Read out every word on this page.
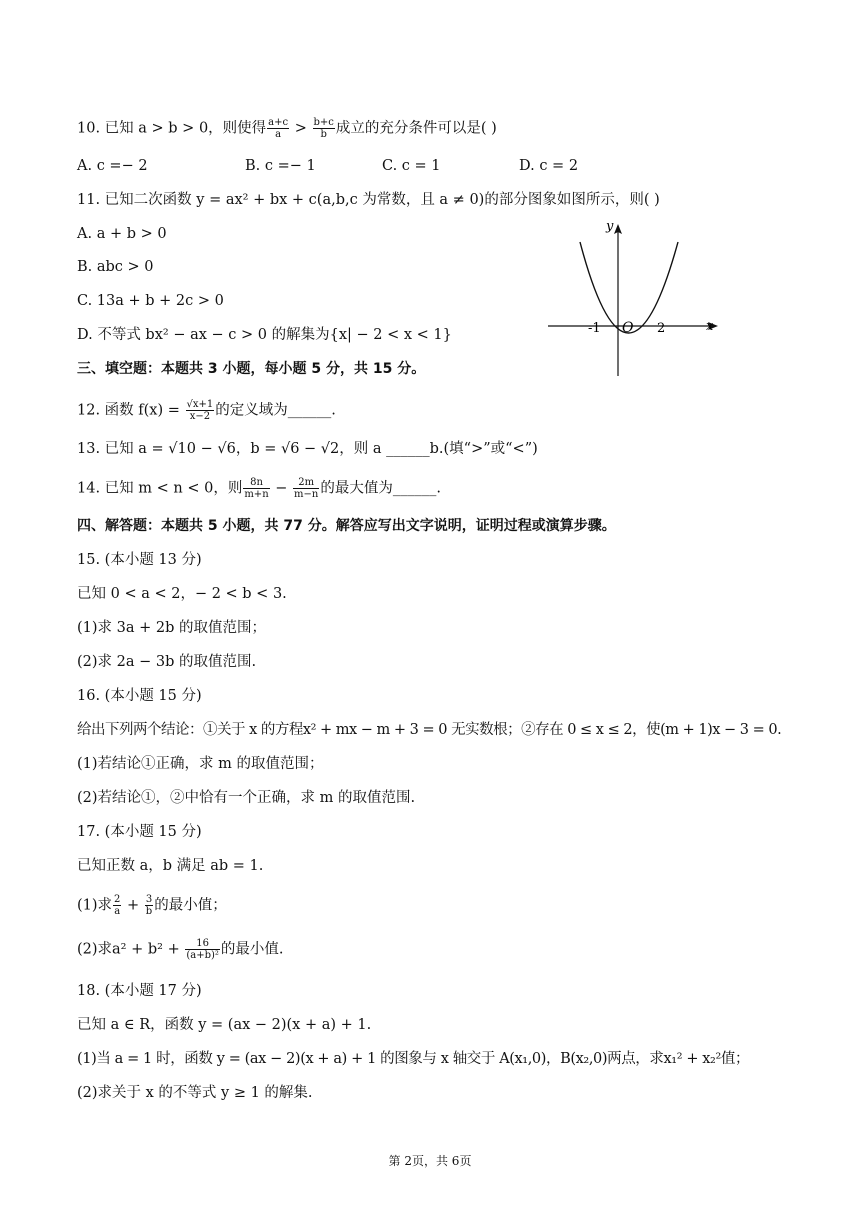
10. 已知 a > b > 0，则使得 $\frac{a+c}{a} > \frac{b+c}{b}$ 成立的充分条件可以是( )
A. c =− 2	B. c =− 1	C. c = 1	D. c = 2
11. 已知二次函数 y = ax² + bx + c(a,b,c 为常数，且 a ≠ 0)的部分图象如图所示，则( )
A. a + b > 0
B. abc > 0
C. 13a + b + 2c > 0
D. 不等式 bx² − ax − c > 0 的解集为{x| − 2 < x < 1}
y
x
O
-1	2
三、填空题：本题共 3 小题，每小题 5 分，共 15 分。
12. 函数 $f(x) = \frac{√x+1}{x-2}$ 的定义域为______.
13. 已知 a = √10 − √6，b = √6 − √2，则 a ______b.(填“>”或“<”)
14. 已知 m < n < 0，则 $\frac{8n}{m+n} - \frac{2m}{m-n}$ 的最大值为______.
四、解答题：本题共 5 小题，共 77 分。解答应写出文字说明，证明过程或演算步骤。
15. (本小题 13 分)
已知 0 < a < 2，− 2 < b < 3.
(1)求 3a + 2b 的取值范围；
(2)求 2a − 3b 的取值范围.
16. (本小题 15 分)
给出下列两个结论：①关于 x 的方程x² + mx − m + 3 = 0 无实数根；②存在 0 ≤ x ≤ 2，使(m + 1)x − 3 = 0.
(1)若结论①正确，求 m 的取值范围；
(2)若结论①，②中恰有一个正确，求 m 的取值范围.
17. (本小题 15 分)
已知正数 a，b 满足 ab = 1.
(1)求 $\frac{2}{a} + \frac{3}{b}$ 的最小值；
(2)求$a^2 + b^2 + \frac{16}{\text{(a+b)²}}$ 的最小值.
18. (本小题 17 分)
已知 a ∈ R，函数 y = (ax − 2)(x + a) + 1.
(1)当 a = 1 时，函数 y = (ax − 2)(x + a) + 1 的图象与 x 轴交于 A(x₁,0)，B(x₂,0)两点，求x₁² + x₂²值；
(2)求关于 x 的不等式 y ≥ 1 的解集.
第 2页，共 6页
